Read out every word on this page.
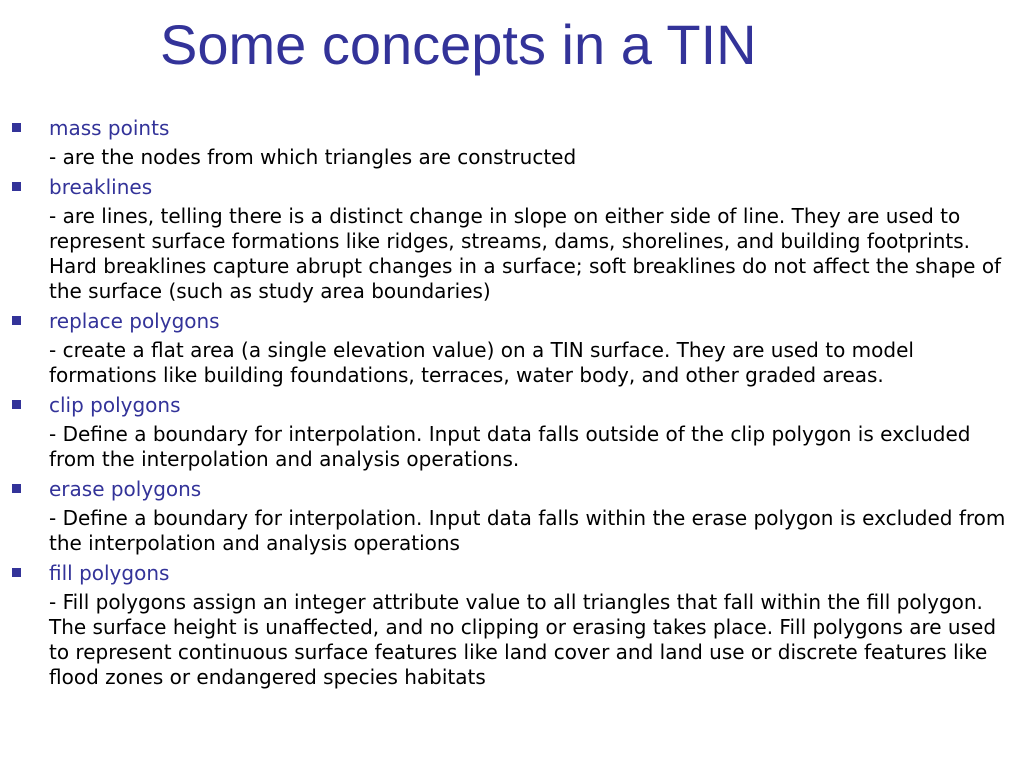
Some concepts in a TIN
mass points
- are the nodes from which triangles are constructed
breaklines
- are lines, telling there is a distinct change in slope on either side of line. They are used to represent surface formations like ridges, streams, dams, shorelines, and building footprints. Hard breaklines capture abrupt changes in a surface; soft breaklines do not affect the shape of the surface (such as study area boundaries)
replace polygons
- create a flat area (a single elevation value) on a TIN surface. They are used to model formations like building foundations, terraces, water body, and other graded areas.
clip polygons
- Define a boundary for interpolation. Input data falls outside of the clip polygon is excluded from the interpolation and analysis operations.
erase polygons
- Define a boundary for interpolation. Input data falls within the erase polygon is excluded from the interpolation and analysis operations
fill polygons
- Fill polygons assign an integer attribute value to all triangles that fall within the fill polygon. The surface height is unaffected, and no clipping or erasing takes place. Fill polygons are used to represent continuous surface features like land cover and land use or discrete features like flood zones or endangered species habitats
